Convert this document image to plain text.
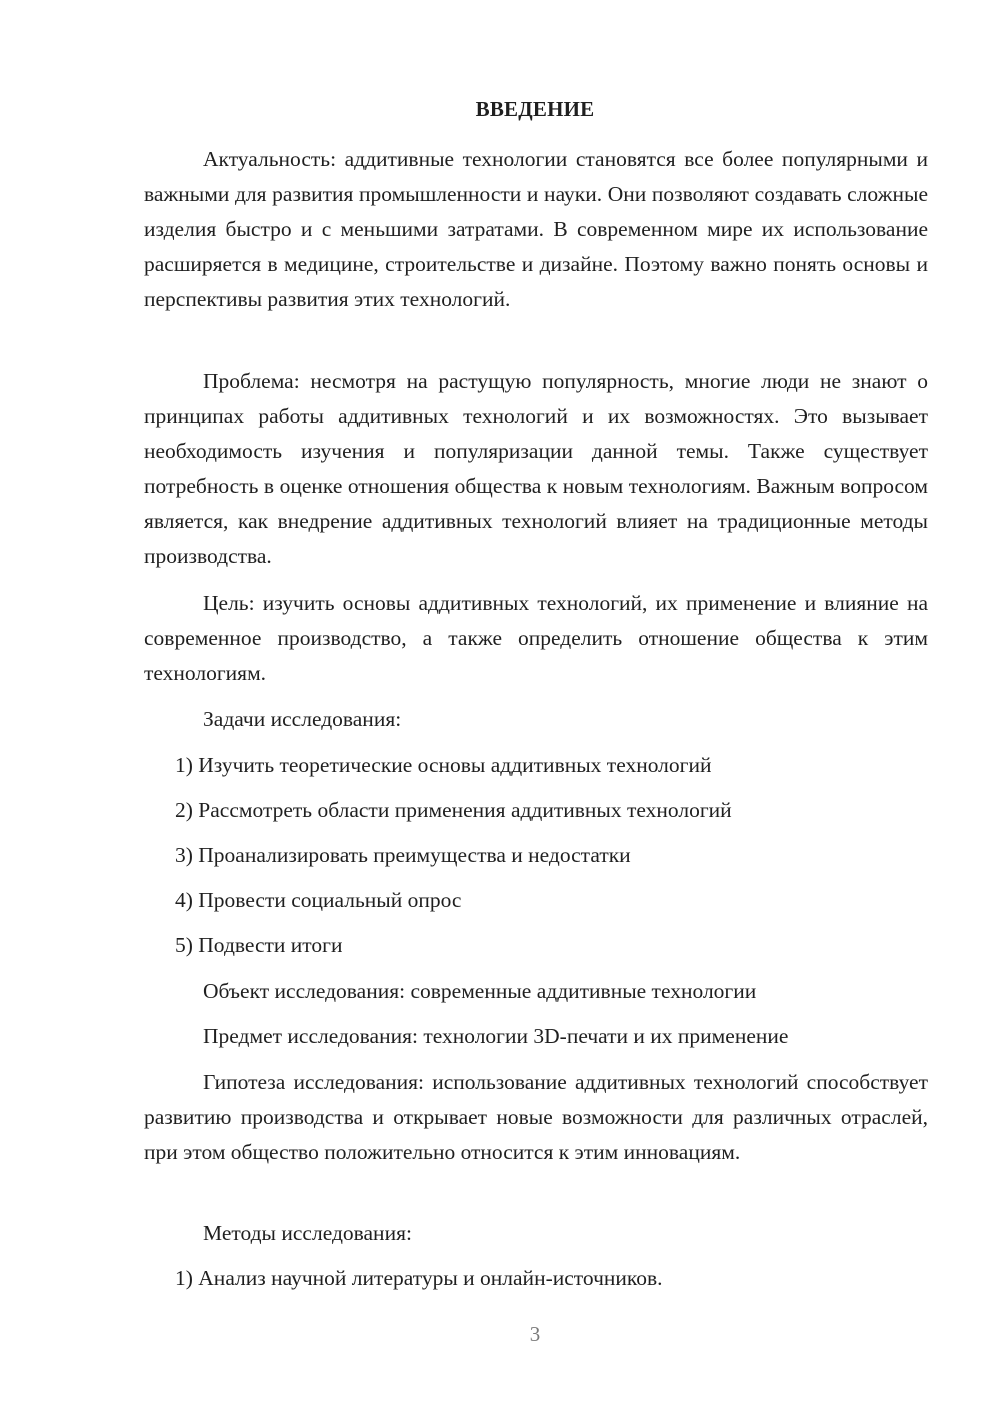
ВВЕДЕНИЕ

Актуальность: аддитивные технологии становятся все более популярными и важными для развития промышленности и науки. Они позволяют создавать сложные изделия быстро и с меньшими затратами. В современном мире их использование расширяется в медицине, строительстве и дизайне. Поэтому важно понять основы и перспективы развития этих технологий.

Проблема: несмотря на растущую популярность, многие люди не знают о принципах работы аддитивных технологий и их возможностях. Это вызывает необходимость изучения и популяризации данной темы. Также существует потребность в оценке отношения общества к новым технологиям. Важным вопросом является, как внедрение аддитивных технологий влияет на традиционные методы производства.

Цель: изучить основы аддитивных технологий, их применение и влияние на современное производство, а также определить отношение общества к этим технологиям.

Задачи исследования:
1) Изучить теоретические основы аддитивных технологий
2) Рассмотреть области применения аддитивных технологий
3) Проанализировать преимущества и недостатки
4) Провести социальный опрос
5) Подвести итоги
Объект исследования: современные аддитивные технологии
Предмет исследования: технологии 3D-печати и их применение

Гипотеза исследования: использование аддитивных технологий способствует развитию производства и открывает новые возможности для различных отраслей, при этом общество положительно относится к этим инновациям.

Методы исследования:
1) Анализ научной литературы и онлайн-источников.
3
